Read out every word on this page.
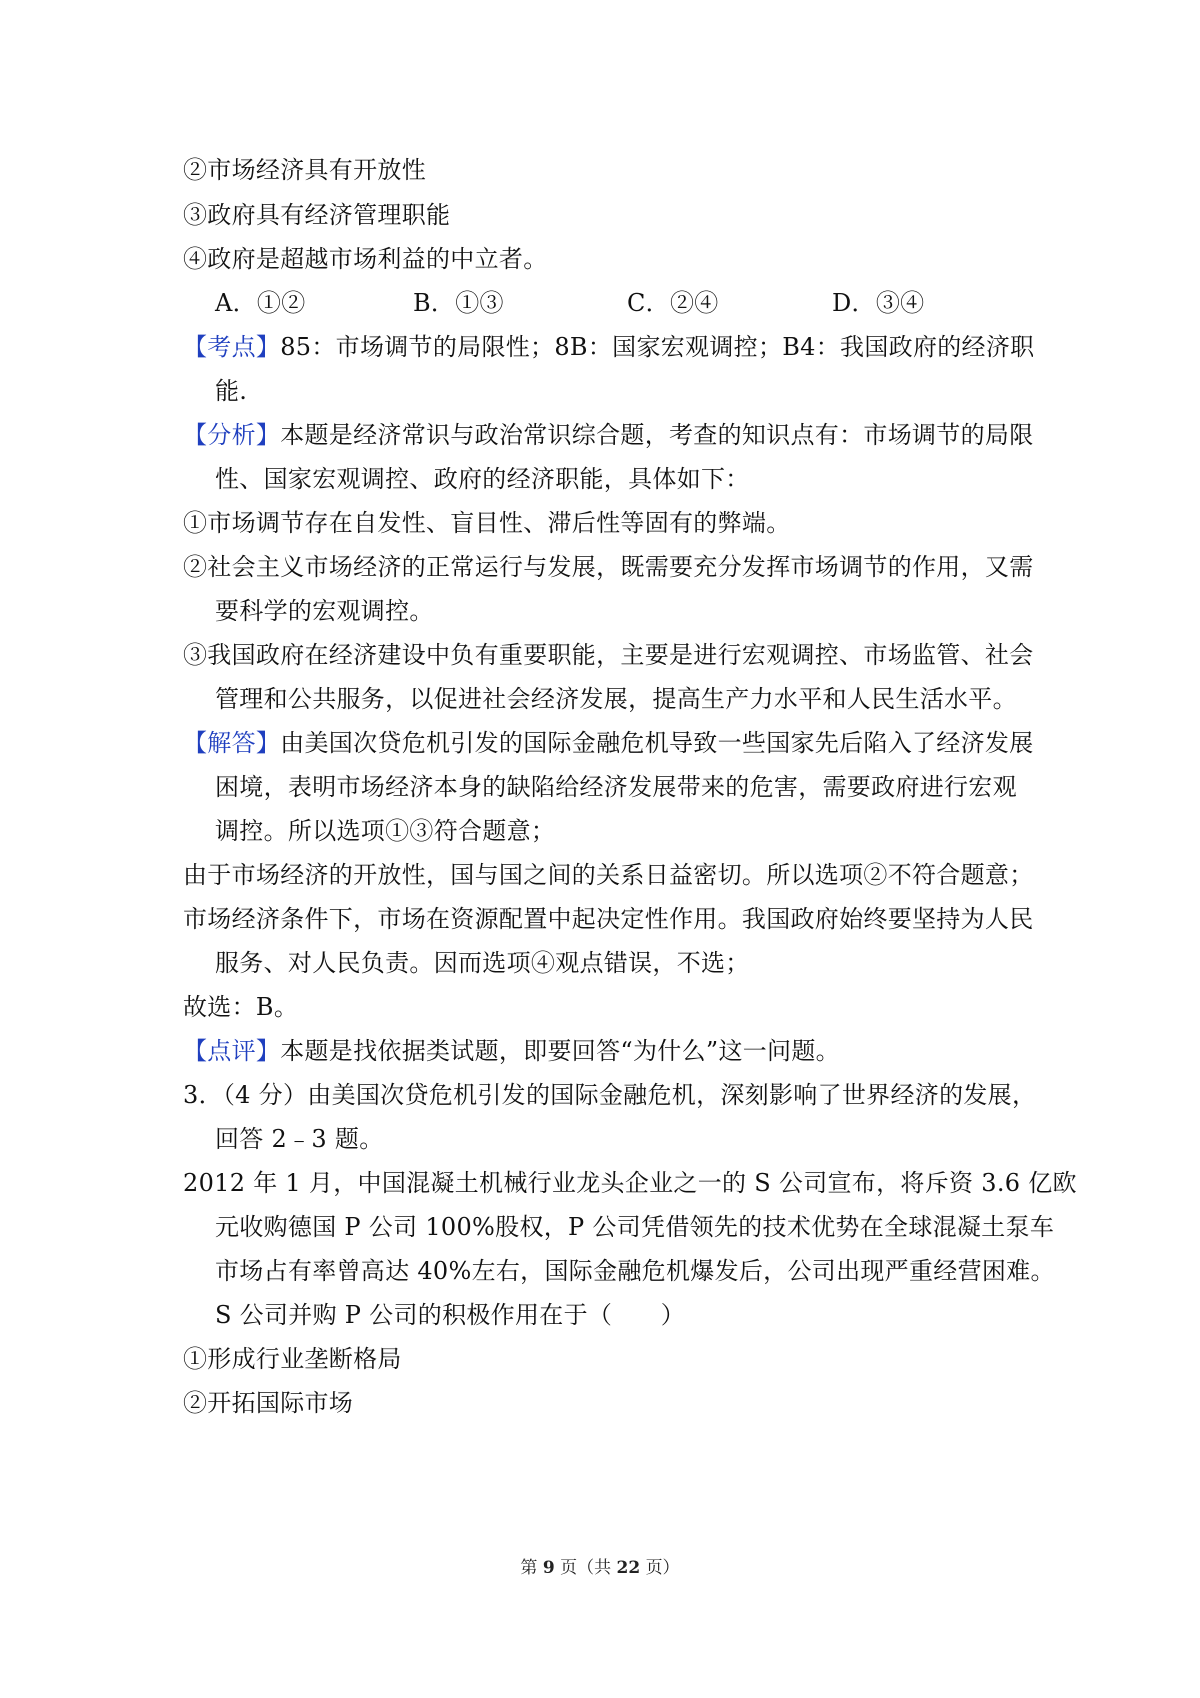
②市场经济具有开放性
③政府具有经济管理职能
④政府是超越市场利益的中立者。
A．①②	B．①③	C．②④	D．③④
【考点】85：市场调节的局限性；8B：国家宏观调控；B4：我国政府的经济职
能.
【分析】本题是经济常识与政治常识综合题，考查的知识点有：市场调节的局限
性、国家宏观调控、政府的经济职能，具体如下：
①市场调节存在自发性、盲目性、滞后性等固有的弊端。
②社会主义市场经济的正常运行与发展，既需要充分发挥市场调节的作用，又需
要科学的宏观调控。
③我国政府在经济建设中负有重要职能，主要是进行宏观调控、市场监管、社会
管理和公共服务，以促进社会经济发展，提高生产力水平和人民生活水平。
【解答】由美国次贷危机引发的国际金融危机导致一些国家先后陷入了经济发展
困境，表明市场经济本身的缺陷给经济发展带来的危害，需要政府进行宏观
调控。所以选项①③符合题意；
由于市场经济的开放性，国与国之间的关系日益密切。所以选项②不符合题意；
市场经济条件下，市场在资源配置中起决定性作用。我国政府始终要坚持为人民
服务、对人民负责。因而选项④观点错误，不选；
故选：B。
【点评】本题是找依据类试题，即要回答“为什么”这一问题。
3．（4 分）由美国次贷危机引发的国际金融危机，深刻影响了世界经济的发展，
回答 2﹣3 题。
2012 年 1 月，中国混凝土机械行业龙头企业之一的 S 公司宣布，将斥资 3.6 亿欧
元收购德国 P 公司 100%股权，P 公司凭借领先的技术优势在全球混凝土泵车
市场占有率曾高达 40%左右，国际金融危机爆发后，公司出现严重经营困难。
S 公司并购 P 公司的积极作用在于（　　）
①形成行业垄断格局
②开拓国际市场
第 9 页（共 22 页）
